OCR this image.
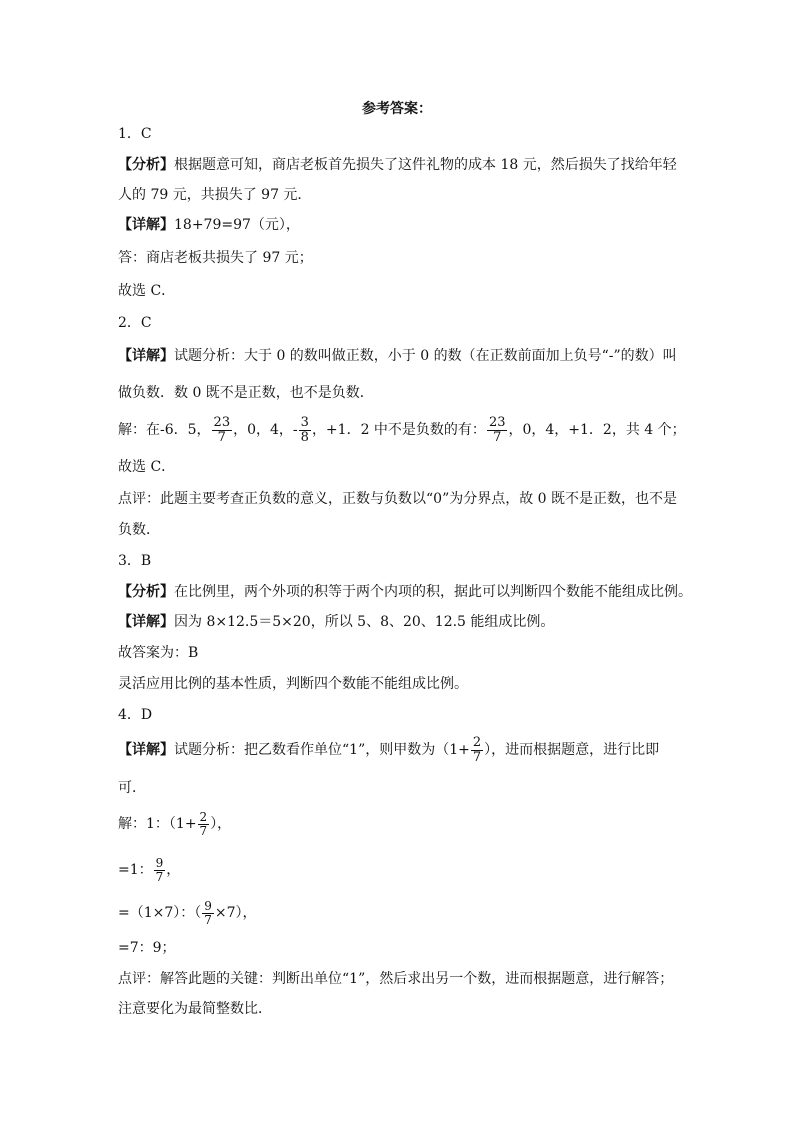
参考答案：
1．C
【分析】根据题意可知，商店老板首先损失了这件礼物的成本 18 元，然后损失了找给年轻
人的 79 元，共损失了 97 元．
【详解】18+79=97（元），
答：商店老板共损失了 97 元；
故选 C．
2．C
【详解】试题分析：大于 0 的数叫做正数，小于 0 的数（在正数前面加上负号“-”的数）叫
做负数．数 0 既不是正数，也不是负数．
解：在-6．5， $\frac{23}{7}$ ，0，4，- $\frac{3}{8}$ ，+1．2 中不是负数的有： $\frac{23}{7}$ ，0，4，+1．2，共 4 个；
故选 C．
点评：此题主要考查正负数的意义，正数与负数以“0”为分界点，故 0 既不是正数，也不是
负数．
3．B
【分析】在比例里，两个外项的积等于两个内项的积，据此可以判断四个数能不能组成比例。
【详解】因为 8×12.5＝5×20，所以 5、8、20、12.5 能组成比例。
故答案为：B
灵活应用比例的基本性质，判断四个数能不能组成比例。
4．D
【详解】试题分析：把乙数看作单位“1”，则甲数为（$1+ \frac{2}{7}$ ），进而根据题意，进行比即
可．
解：1：（$1+ \frac{2}{7}$ ），
=1： $\frac{9}{7}$ ，
=（1×7）：（ $\frac{9}{7} \times 7$），
=7：9；
点评：解答此题的关键：判断出单位“1”，然后求出另一个数，进而根据题意，进行解答；
注意要化为最简整数比．
